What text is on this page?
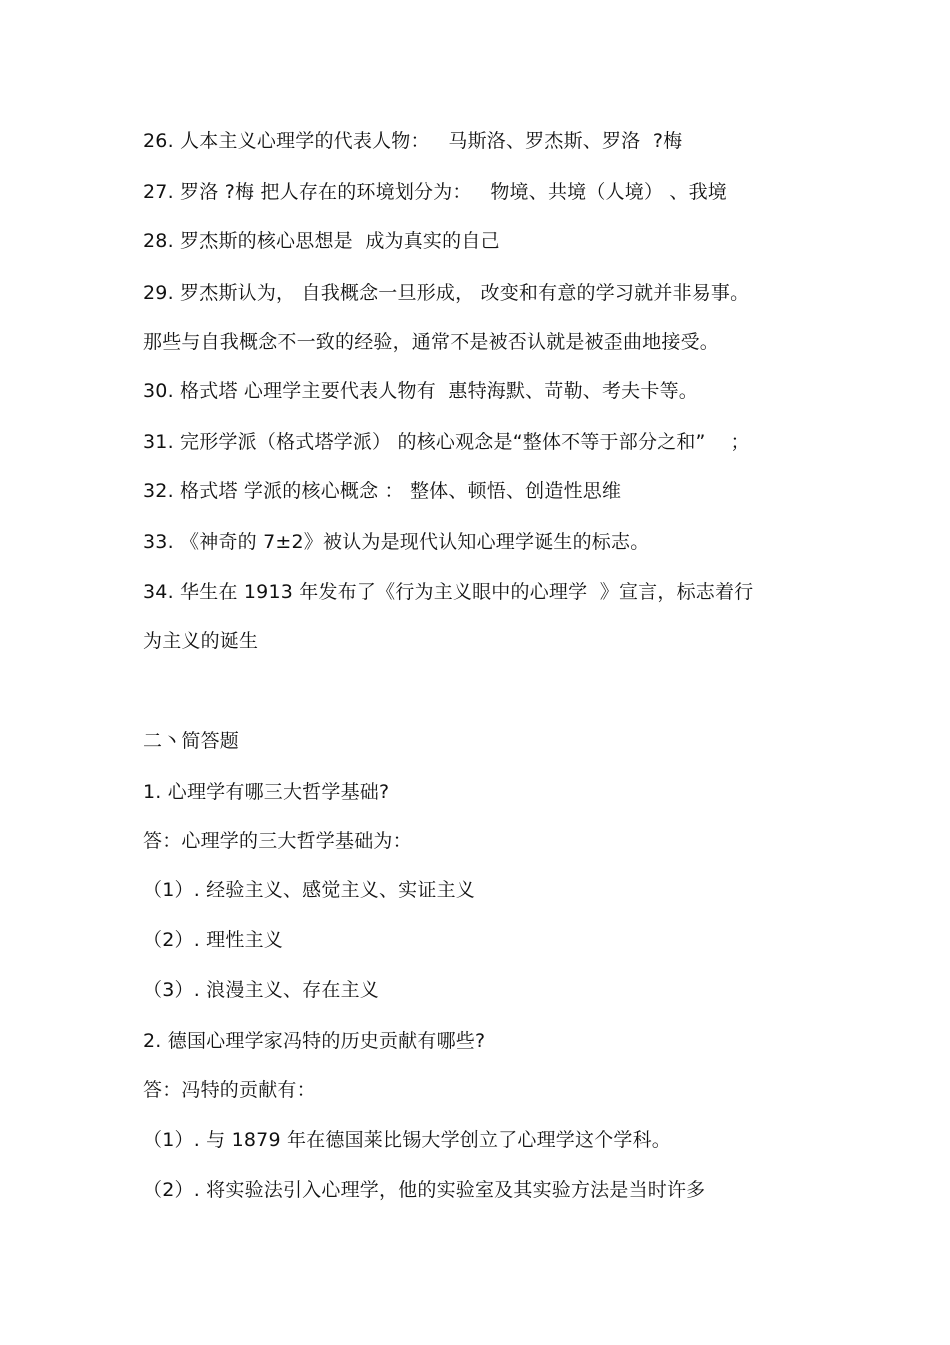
26. 人本主义心理学的代表人物：   马斯洛、罗杰斯、罗洛  ?梅
27. 罗洛 ?梅 把人存在的环境划分为：   物境、共境（人境） 、我境
28. 罗杰斯的核心思想是  成为真实的自己
29. 罗杰斯认为， 自我概念一旦形成， 改变和有意的学习就并非易事。
那些与自我概念不一致的经验，通常不是被否认就是被歪曲地接受。
30. 格式塔 心理学主要代表人物有  惠特海默、苛勒、考夫卡等。
31. 完形学派（格式塔学派） 的核心观念是“整体不等于部分之和”    ；
32. 格式塔 学派的核心概念 ： 整体、顿悟、创造性思维
33. 《神奇的 7±2》被认为是现代认知心理学诞生的标志。
34. 华生在 1913 年发布了《行为主义眼中的心理学  》宣言，标志着行
为主义的诞生
二丶简答题
1. 心理学有哪三大哲学基础?
答：心理学的三大哲学基础为：
（1）. 经验主义、感觉主义、实证主义
（2）. 理性主义
（3）. 浪漫主义、存在主义
2. 德国心理学家冯特的历史贡献有哪些?
答：冯特的贡献有：
（1）. 与 1879 年在德国莱比锡大学创立了心理学这个学科。
（2）. 将实验法引入心理学，他的实验室及其实验方法是当时许多
